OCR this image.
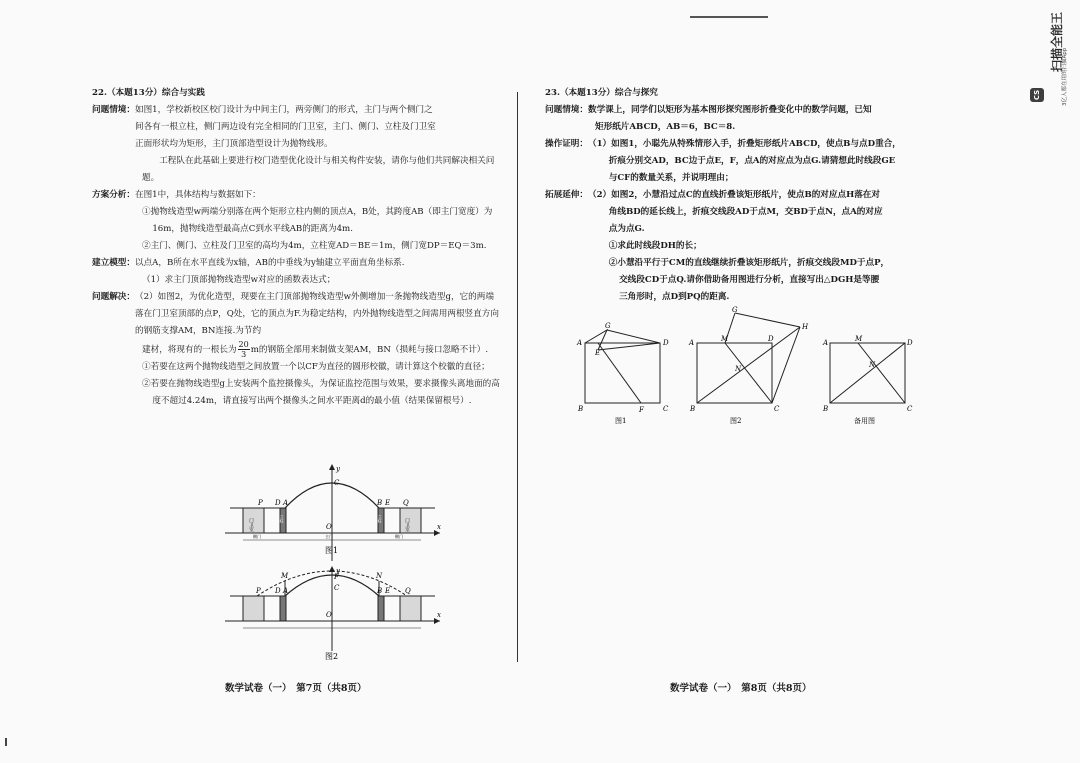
22.（本题13分）综合与实践
问题情境： 如图1，学校新校区校门设计为中间主门，两旁侧门的形式，主门与两个侧门之

间各有一根立柱，侧门两边设有完全相同的门卫室，主门、侧门、立柱及门卫室

正面形状均为矩形，主门顶部造型设计为抛物线形。

工程队在此基础上要进行校门造型优化设计与相关构件安装，请你与他们共同解决相关问题。

方案分析： 在图1中，具体结构与数据如下：

①抛物线造型w两端分别落在两个矩形立柱内侧的顶点A，B处，其跨度AB（即主门宽度）为16m，抛物线造型最高点C到水平线AB的距离为4m.

②主门、侧门、立柱及门卫室的高均为4m，立柱宽AD＝BE＝1m，侧门宽DP＝EQ＝3m.

建立模型： 以点A，B所在水平直线为x轴，AB的中垂线为y轴建立平面直角坐标系.

（1）求主门顶部抛物线造型w对应的函数表达式；

问题解决： （2）如图2，为优化造型，现要在主门顶部抛物线造型w外侧增加一条抛物线造型g，它的两端落在门卫室顶部的点P，Q处，它的顶点为F.为稳定结构，内外抛物线造型之间需用两根竖直方向的钢筋支撑AM，BN连接.为节约

建材，将现有的一根长为 $\frac{20}{3}$ m的钢筋全部用来制做支架AM，BN（损耗与接口忽略不计）.

①若要在这两个抛物线造型之间放置一个以CF为直径的圆形校徽，请计算这个校徽的直径；

②若要在抛物线造型g上安装两个监控摄像头，为保证监控范围与效果，要求摄像头离地面的高度不超过4.24m，请直接写出两个摄像头之间水平距离d的最小值（结果保留根号）.

门卫室	门卫室
立柱	立柱
y
C
P D A	B E Q
O	x
侧门	侧门
主门
图1
y
F
C
M	N
P D A	B E Q
O	x
图2
数学试卷（一）　第7页（共8页）
23.（本题13分）综合与探究
问题情境： 数学课上，同学们以矩形为基本图形探究图形折叠变化中的数学问题，已知

矩形纸片ABCD，AB＝6，BC＝8.

操作证明： （1）如图1，小聪先从特殊情形入手，折叠矩形纸片ABCD，使点B与点D重合，

折痕分别交AD，BC边于点E，F，点A的对应点为点G.请猜想此时线段GE

与CF的数量关系，并说明理由；

拓展延伸： （2）如图2，小慧沿过点C的直线折叠该矩形纸片，使点B的对应点H落在对

角线BD的延长线上，折痕交线段AD于点M，交BD于点N，点A的对应

点为点G.

①求此时线段DH的长；

②小慧沿平行于CM的直线继续折叠该矩形纸片，折痕交线段MD于点P，

交线段CD于点Q.请你借助备用图进行分析，直接写出△DGH是等腰

三角形时，点D到PQ的距离.

G
A
E
D
B	F	C
图1
G
H
A	M	D
N
B	C
图2
A	M	D
N
B	C
备用图
数学试卷（一）　第8页（共8页）
CS
扫描全能王
3亿人都在用的扫描App
